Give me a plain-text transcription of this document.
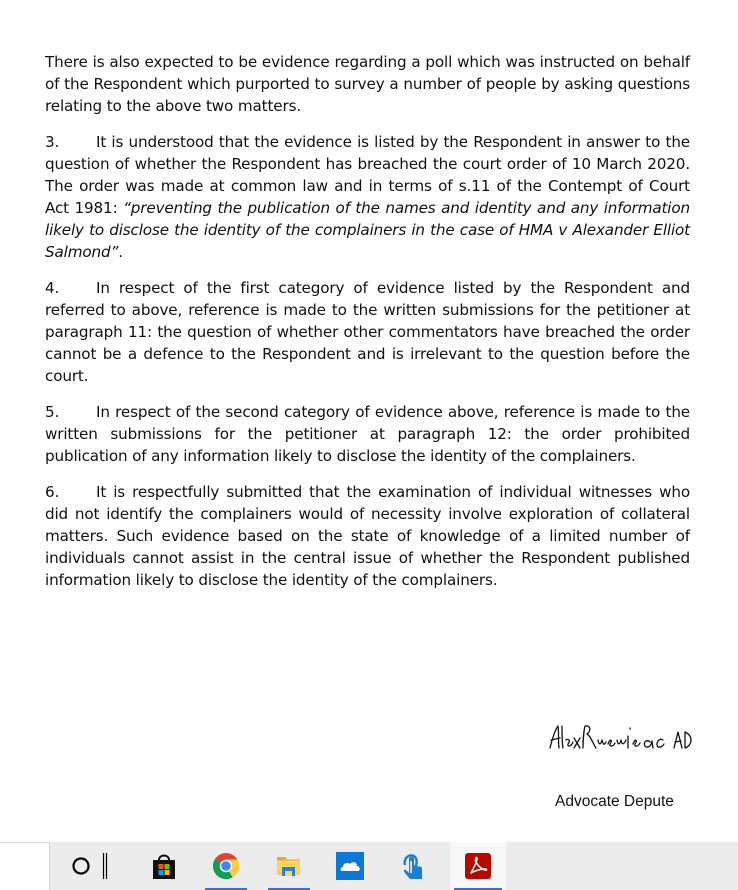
There is also expected to be evidence regarding a poll which was instructed on behalf of the Respondent which purported to survey a number of people by asking questions relating to the above two matters.

3. It is understood that the evidence is listed by the Respondent in answer to the question of whether the Respondent has breached the court order of 10 March 2020. The order was made at common law and in terms of s.11 of the Contempt of Court Act 1981: “preventing the publication of the names and identity and any information likely to disclose the identity of the complainers in the case of HMA v Alexander Elliot Salmond”.

4. In respect of the first category of evidence listed by the Respondent and referred to above, reference is made to the written submissions for the petitioner at paragraph 11: the question of whether other commentators have breached the order cannot be a defence to the Respondent and is irrelevant to the question before the court.

5. In respect of the second category of evidence above, reference is made to the written submissions for the petitioner at paragraph 12: the order prohibited publication of any information likely to disclose the identity of the complainers.

6. It is respectfully submitted that the examination of individual witnesses who did not identify the complainers would of necessity involve exploration of collateral matters. Such evidence based on the state of knowledge of a limited number of individuals cannot assist in the central issue of whether the Respondent published information likely to disclose the identity of the complainers.

Advocate Depute
